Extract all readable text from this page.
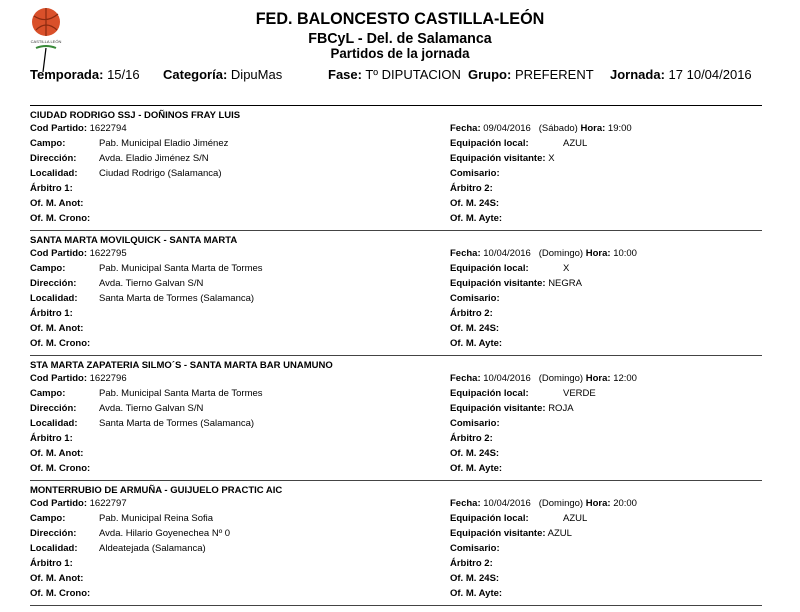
CASTILLA LEÓN
FED. BALONCESTO CASTILLA-LEÓN
FBCyL - Del. de Salamanca
Partidos de la jornada
Temporada: 15/16 Categoría: DipuMas	Fase: Tº DIPUTACION Grupo: PREFERENT Jornada: 17 10/04/2016
CIUDAD RODRIGO SSJ - DOÑINOS FRAY LUIS
Cod Partido: 1622794
Campo:	Pab. Municipal Eladio Jiménez
Dirección: Avda. Eladio Jiménez S/N
Localidad: Ciudad Rodrigo (Salamanca)
Árbitro 1:
Of. M. Anot:
Of. M. Crono:
Fecha: 09/04/2016 (Sábado) Hora: 19:00
Equipación local:	AZUL
Equipación visitante: X
Comisario:
Árbitro 2:
Of. M. 24S:
Of. M. Ayte:
SANTA MARTA MOVILQUICK - SANTA MARTA
Cod Partido: 1622795
Campo:	Pab. Municipal Santa Marta de Tormes
Dirección: Avda. Tierno Galvan S/N
Localidad: Santa Marta de Tormes (Salamanca)
Árbitro 1:
Of. M. Anot:
Of. M. Crono:
Fecha: 10/04/2016 (Domingo) Hora: 10:00
Equipación local:	X
Equipación visitante: NEGRA
Comisario:
Árbitro 2:
Of. M. 24S:
Of. M. Ayte:
STA MARTA ZAPATERIA SILMO´S - SANTA MARTA BAR UNAMUNO
Cod Partido: 1622796
Campo:	Pab. Municipal Santa Marta de Tormes
Dirección: Avda. Tierno Galvan S/N
Localidad: Santa Marta de Tormes (Salamanca)
Árbitro 1:
Of. M. Anot:
Of. M. Crono:
Fecha: 10/04/2016 (Domingo) Hora: 12:00
Equipación local:	VERDE
Equipación visitante: ROJA
Comisario:
Árbitro 2:
Of. M. 24S:
Of. M. Ayte:
MONTERRUBIO DE ARMUÑA - GUIJUELO PRACTIC AIC
Cod Partido: 1622797
Campo:	Pab. Municipal Reina Sofia
Dirección: Avda. Hilario Goyenechea Nº 0
Localidad: Aldeatejada (Salamanca)
Árbitro 1:
Of. M. Anot:
Of. M. Crono:
Fecha: 10/04/2016 (Domingo) Hora: 20:00
Equipación local:	AZUL
Equipación visitante: AZUL
Comisario:
Árbitro 2:
Of. M. 24S:
Of. M. Ayte:
